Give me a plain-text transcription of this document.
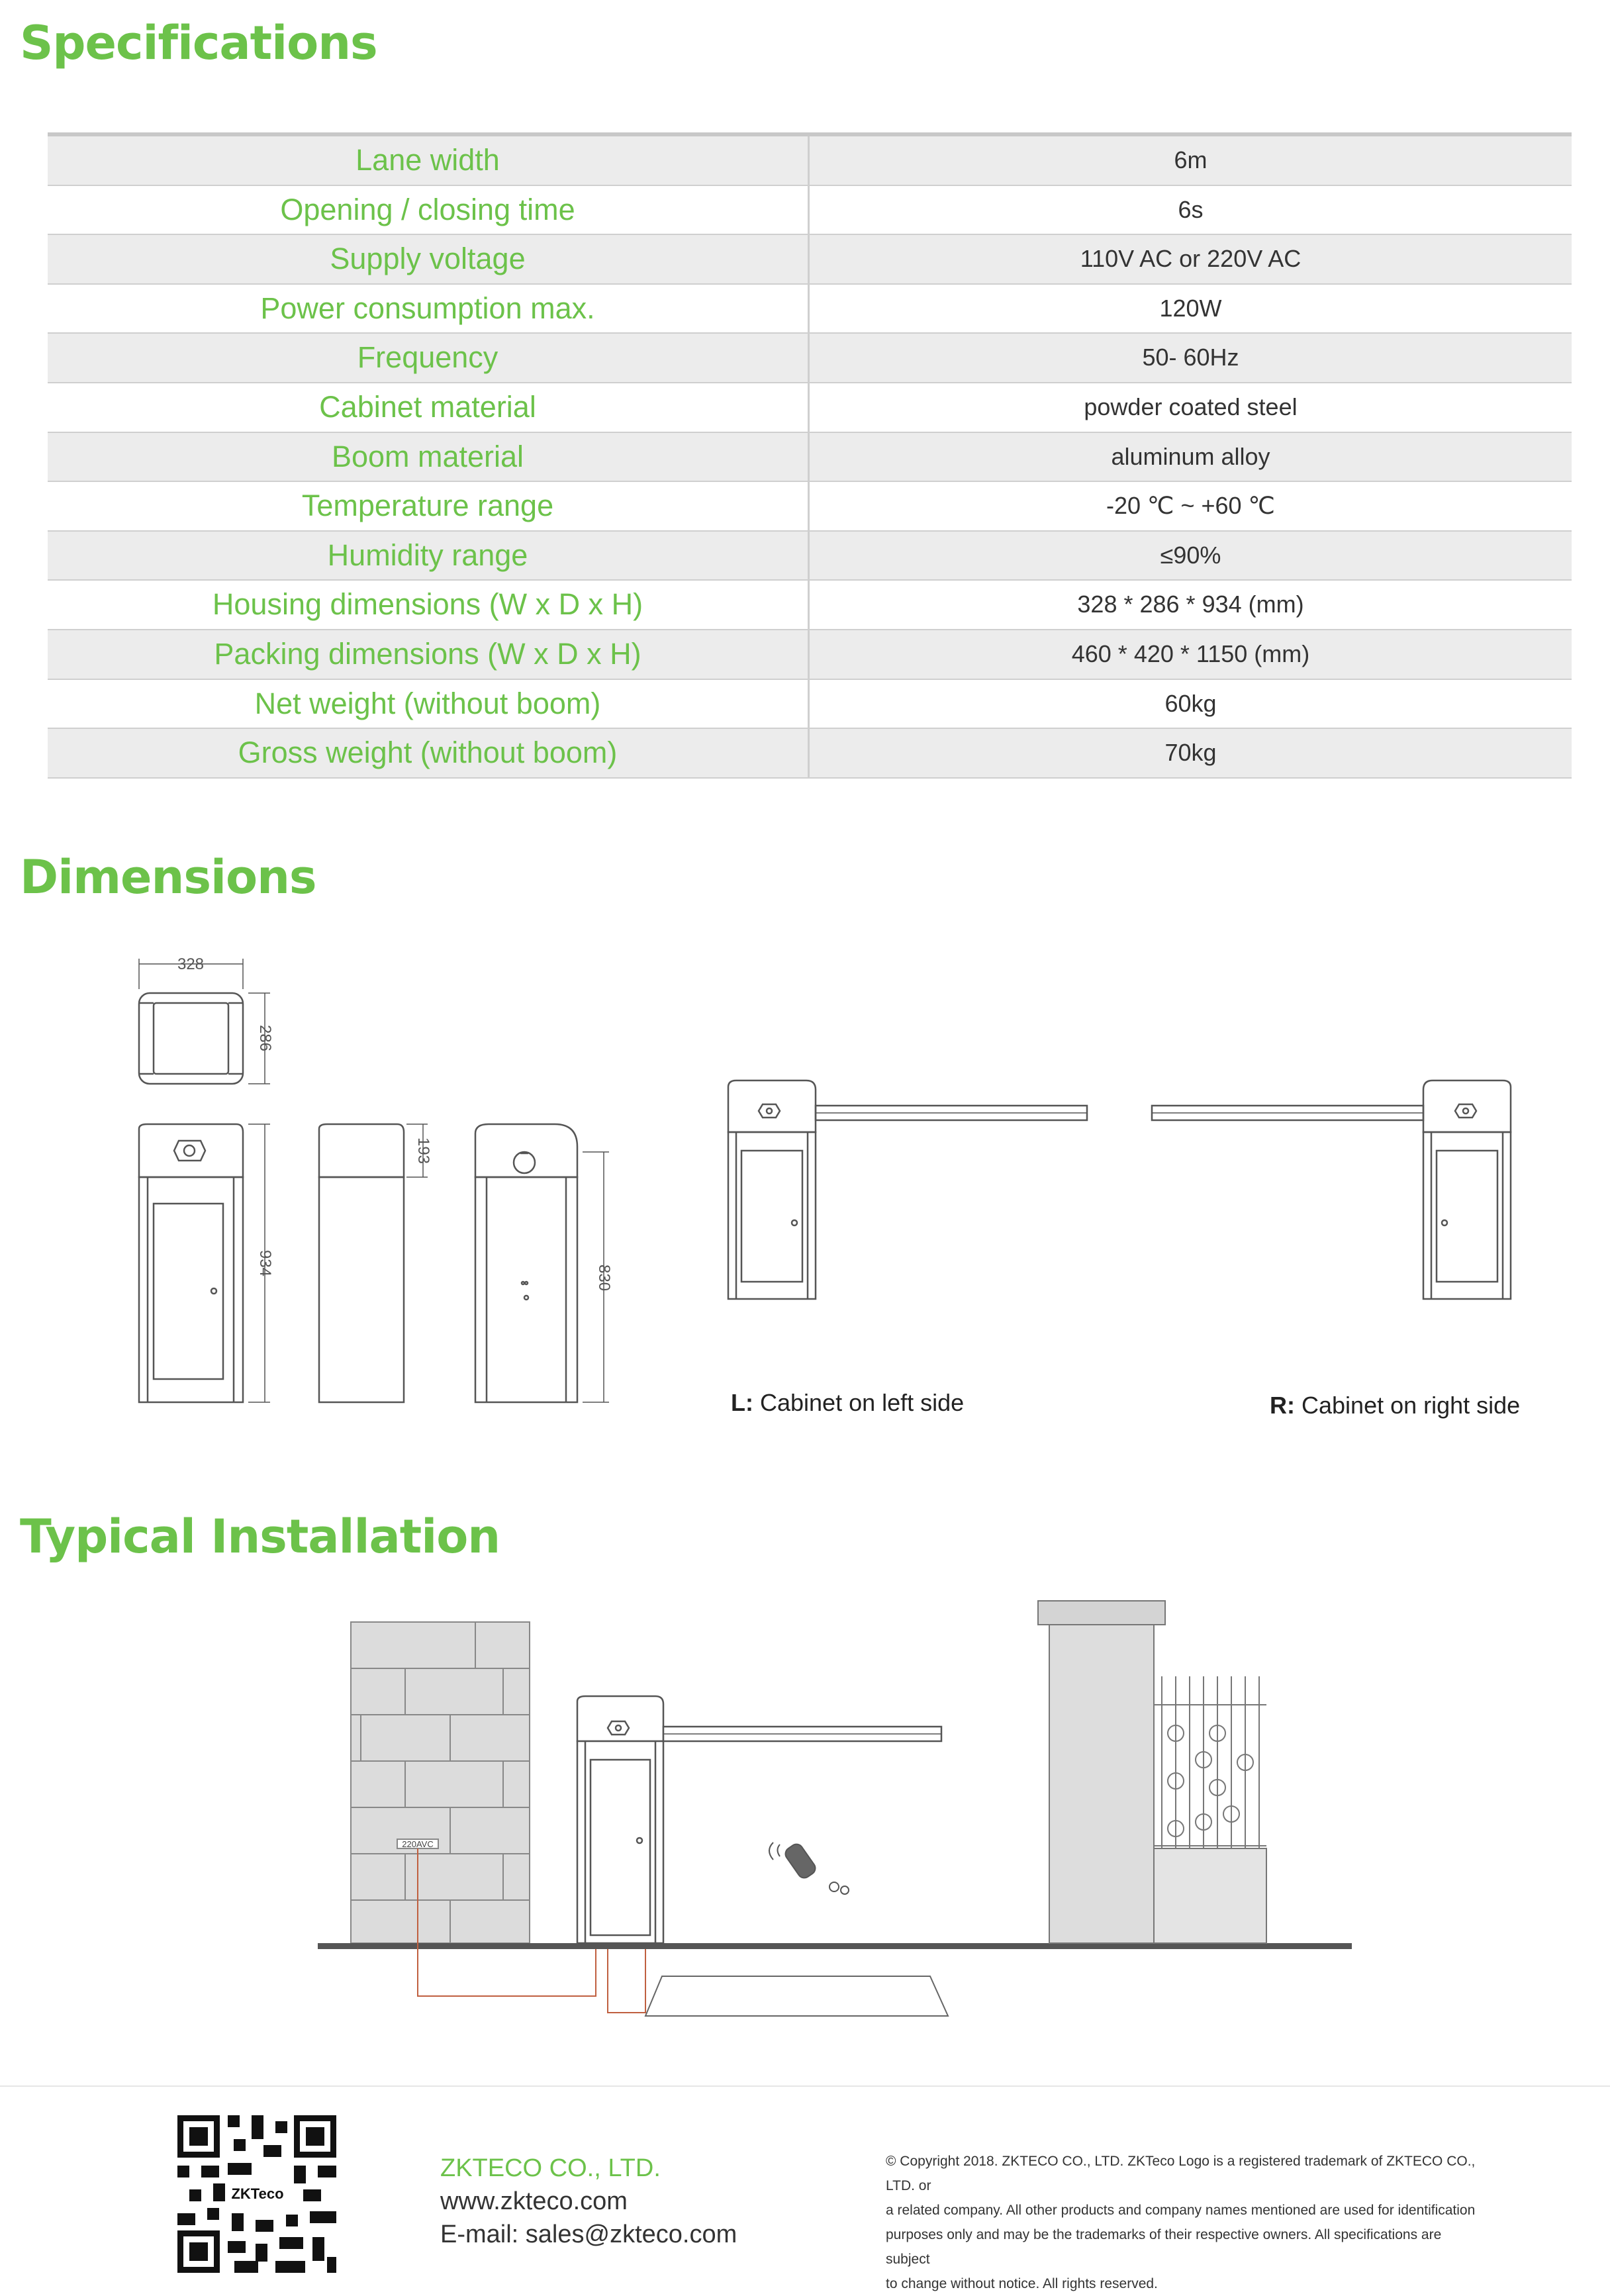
Specifications
Lane width	6m
Opening / closing time	6s
Supply voltage	110V AC or 220V AC
Power consumption max.	120W
Frequency	50- 60Hz
Cabinet material	powder coated steel
Boom material	aluminum alloy
Temperature range	-20 ℃ ~ +60 ℃
Humidity range	≤90%
Housing dimensions (W x D x H)	328 * 286 * 934 (mm)
Packing dimensions (W x D x H)	460 * 420 * 1150 (mm)
Net weight (without boom)	60kg
Gross weight (without boom)	70kg
Dimensions
328
286
934
193
830
L: Cabinet on left side	R: Cabinet on right side
Typical Installation
220AVC
ZKTeco
ZKTECO CO., LTD.
www.zkteco.com
E-mail: sales@zkteco.com
© Copyright 2018. ZKTECO CO., LTD. ZKTeco Logo is a registered trademark of ZKTECO CO., LTD. or
a related company. All other products and company names mentioned are used for identification
purposes only and may be the trademarks of their respective owners. All specifications are subject
to change without notice. All rights reserved.
